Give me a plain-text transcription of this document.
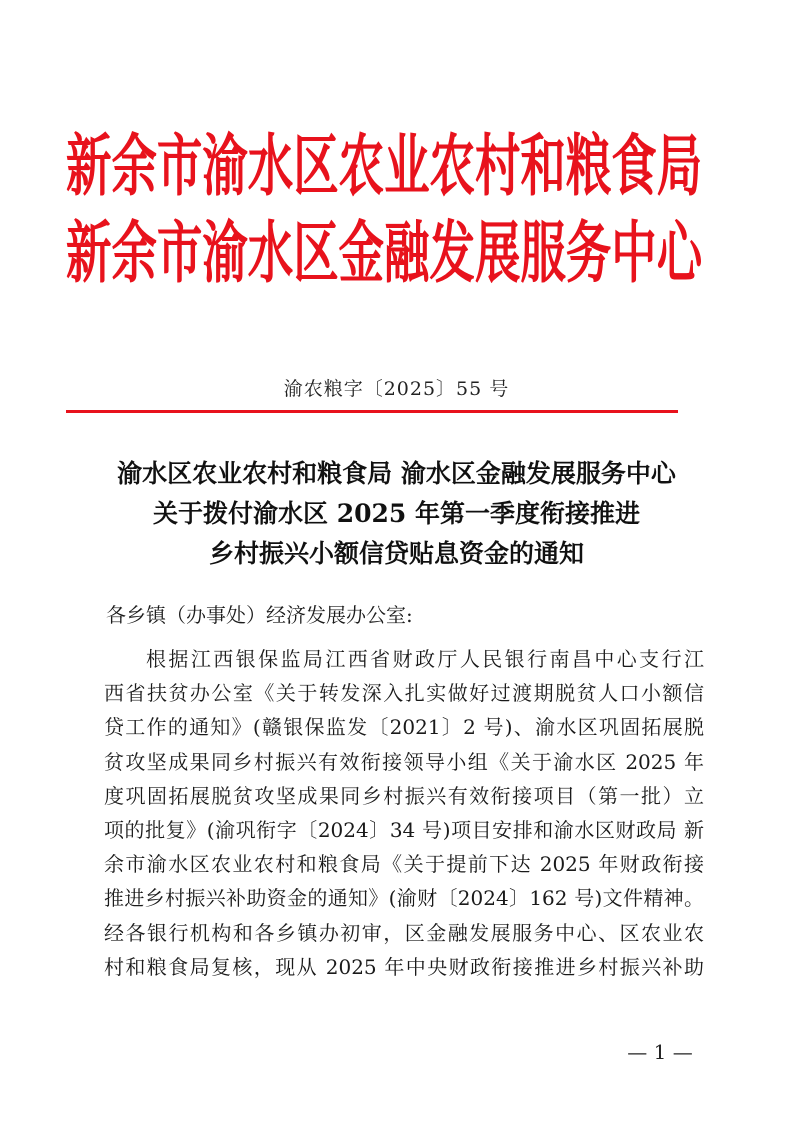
新余市渝水区农业农村和粮食局
新余市渝水区金融发展服务中心

渝农粮字〔2025〕55 号

渝水区农业农村和粮食局 渝水区金融发展服务中心
关于拨付渝水区 2025 年第一季度衔接推进
乡村振兴小额信贷贴息资金的通知

各乡镇（办事处）经济发展办公室:

根据江西银保监局江西省财政厅人民银行南昌中心支行江
西省扶贫办公室《关于转发深入扎实做好过渡期脱贫人口小额信
贷工作的通知》(赣银保监发〔2021〕2 号)、渝水区巩固拓展脱
贫攻坚成果同乡村振兴有效衔接领导小组《关于渝水区 2025 年
度巩固拓展脱贫攻坚成果同乡村振兴有效衔接项目（第一批）立
项的批复》(渝巩衔字〔2024〕34 号)项目安排和渝水区财政局 新
余市渝水区农业农村和粮食局《关于提前下达 2025 年财政衔接
推进乡村振兴补助资金的通知》(渝财〔2024〕162 号)文件精神。
经各银行机构和各乡镇办初审，区金融发展服务中心、区农业农
村和粮食局复核，现从 2025 年中央财政衔接推进乡村振兴补助

— 1 —
